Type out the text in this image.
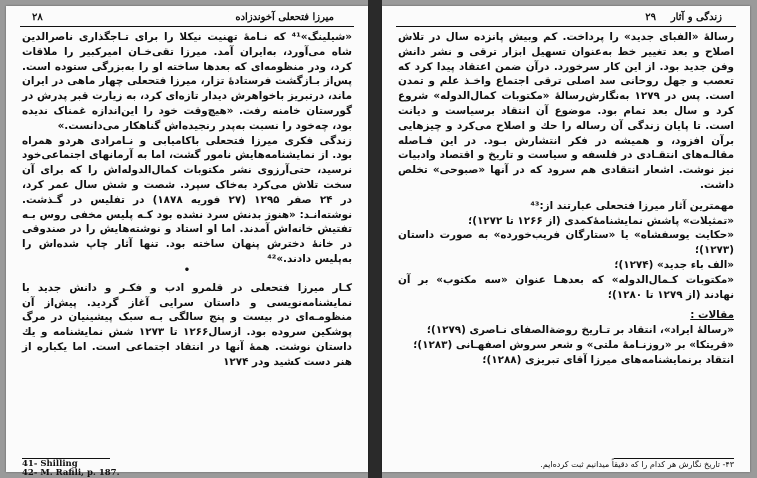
۲۸	میرزا فتحعلی آخوندزاده

«شیلینگ»⁴¹ که نـامهٔ تهنیت نیکلا را برای تـاجگذاری ناصرالدین شاه می‌آورد، به‌ایران آمد. میرزا تقی‌خـان امیرکبیر را ملاقات کرد، ودر منظومه‌ای که بعدها ساخته او را به‌بزرگی ستوده است. پس‌از بـازگشت فرستادهٔ تزار، میرزا فتحعلی چهار ماهی در ایران ماند، درتبریز باخواهرش دیدار تازه‌ای کرد، به زیارت قبر پدرش در گورستان خامنه رفت. «هیچ‌وقت خود را این‌اندازه غمناک ندیده بود، چه‌خود را نسبت به‌پدر رنجیده‌اش گناهکار می‌دانست.»

زندگی فکری میرزا فتحعلی باکامیابی و نـامرادی هردو همراه بود. از نمایشنامه‌هایش نامور گشت، اما به آرمانهای اجتماعی‌خود نرسید، حتی‌آرزوی نشر مکتوبات کمال‌الدوله‌اش را که برای آن سخت تلاش می‌کرد به‌خاک سپرد. شصت و شش سال عمر کرد، در ۲۴ صفر ۱۲۹۵ (۲۷ فوریه ۱۸۷۸) در تفلیس در گـذشت. نوشته‌انـد: «هنوز بدنش سرد نشده بود کـه پلیس مخفی روس بـه تفتیش خانه‌اش آمدند. اما او استاد و نوشته‌هایش را در صندوقی در خانهٔ دخترش پنهان ساخته بود. تنها آثار چاپ شده‌اش را به‌پلیس دادند.»⁴²

•

کـار میرزا فتحعلی در قلمرو ادب و فکـر و دانش جدید با نمایشنامه‌نویسی و داستان سرایی آغاز گردید. پیش‌از آن منظومـه‌ای در بیست و پنج سالگی بـه سبک پیشینیان در مرگ پوشکین سروده بود. ازسال‌۱۲۶۶ تا ۱۲۷۳ شش نمایشنامه و یك داستان نوشت. همهٔ آنها در انتقاد اجتماعی است. اما یکباره از هنر دست کشید ودر ۱۲۷۴

41- Shilling
42- M. Rafili, p. 187.
۲۹ زندگی و آثار

رسالهٔ «الفبای جدید» را پرداخت. کم وبیش پانزده سال در تلاش اصلاح و بعد تغییر خط به‌عنوان تسهیل ابزار ترقی و نشر دانش وفن جدید بود. از این کار سرخورد. درآن ضمن اعتقاد پیدا کرد که تعصب و جهل روحانی سد اصلی ترقی اجتماع واخـذ علم و تمدن است. پس در ۱۲۷۹ به‌نگارش‌رسالهٔ «مکتوبات کمال‌الدوله» شروع کرد و سال بعد تمام بود. موضوع آن انتقاد برسیاست و دیانت است. تا پایان زندگی آن رساله را حك و اصلاح می‌کرد و چیزهایی برآن افزود، و همیشه در فکر انتشارش بـود. در این فـاصله مقالـه‌های انتقـادی در فلسفه و سیاست و تاریخ و اقتصاد وادبیات نیز نوشت. اشعار انتقادی هم سرود که در آنها «صبوحی» تخلص داشت.

مهمترین آثار میرزا فتحعلی عبارتند از:⁴³

«تمثیلات» پاشش نمایشنامهٔ‌کمدی (از ۱۲۶۶ تا ۱۲۷۲)؛

«حکایت یوسفشاه» یا «ستارگان فریب‌خورده» به صورت داستان (۱۲۷۳)؛

«الف باء جدید» (۱۲۷۴)؛

«مکتوبات کـمال‌الدوله» که بعدهـا عنوان «سه مکتوب» بر آن نهادند (از ۱۲۷۹ تا ۱۲۸۰)؛

مقالات :

«رسالهٔ ایراد»، انتقاد بر تـاریخ روضة‌الصفای نـاصری (۱۲۷۹)؛

«قریتکا» بر «روزنـامهٔ ملتی» و شعر سروش اصفهـانی (۱۲۸۳)؛

انتقاد برنمایشنامه‌های میرزا آقای تبریزی (۱۲۸۸)؛

۴۳- تاریخ نگارش هر کدام را که دقیقاً میدانیم ثبت کرده‌ایم.
